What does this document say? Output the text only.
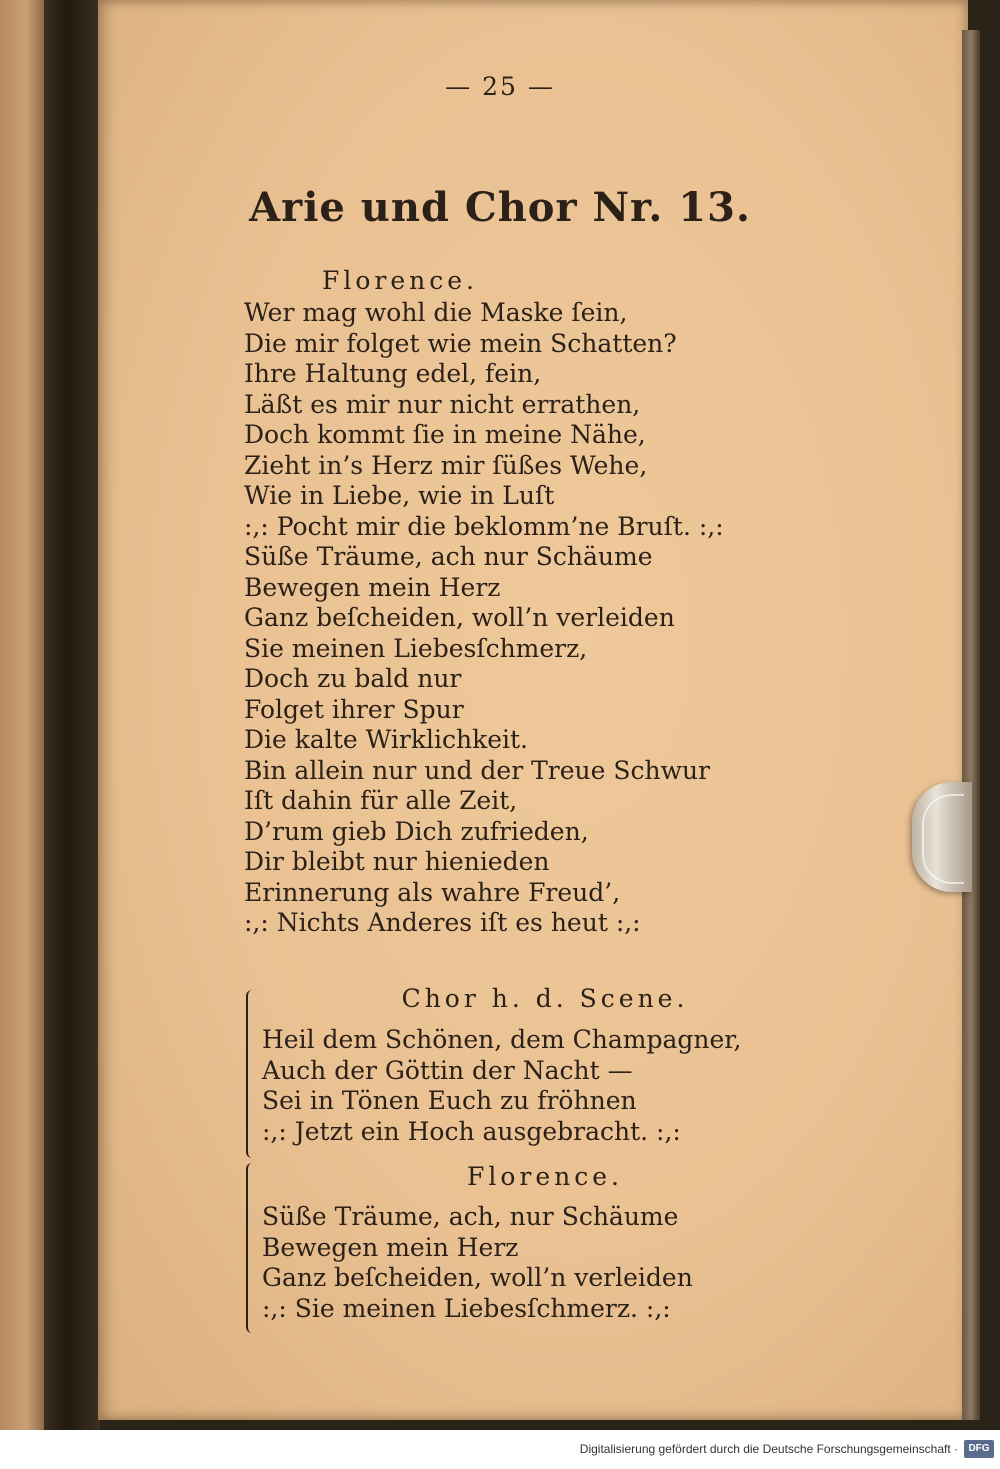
— 25 —
Arie und Chor Nr. 13.
Florence.
Wer mag wohl die Maske ſein,
Die mir folget wie mein Schatten?
Ihre Haltung edel, fein,
Läßt es mir nur nicht errathen,
Doch kommt ſie in meine Nähe,
Zieht in’s Herz mir ſüßes Wehe,
Wie in Liebe, wie in Luſt
:,: Pocht mir die beklomm’ne Bruſt. :,:
Süße Träume, ach nur Schäume
Bewegen mein Herz
Ganz beſcheiden, woll’n verleiden
Sie meinen Liebesſchmerz,
Doch zu bald nur
Folget ihrer Spur
Die kalte Wirklichkeit.
Bin allein nur und der Treue Schwur
Iſt dahin für alle Zeit,
D’rum gieb Dich zufrieden,
Dir bleibt nur hienieden
Erinnerung als wahre Freud’,
:,: Nichts Anderes iſt es heut :,:
Chor h. d. Scene.
Heil dem Schönen, dem Champagner,
Auch der Göttin der Nacht —
Sei in Tönen Euch zu fröhnen
:,: Jetzt ein Hoch ausgebracht. :,:
Florence.
Süße Träume, ach, nur Schäume
Bewegen mein Herz
Ganz beſcheiden, woll’n verleiden
:,: Sie meinen Liebesſchmerz. :,:
Digitalisierung gefördert durch die Deutsche Forschungsgemeinschaft ·	DFG
